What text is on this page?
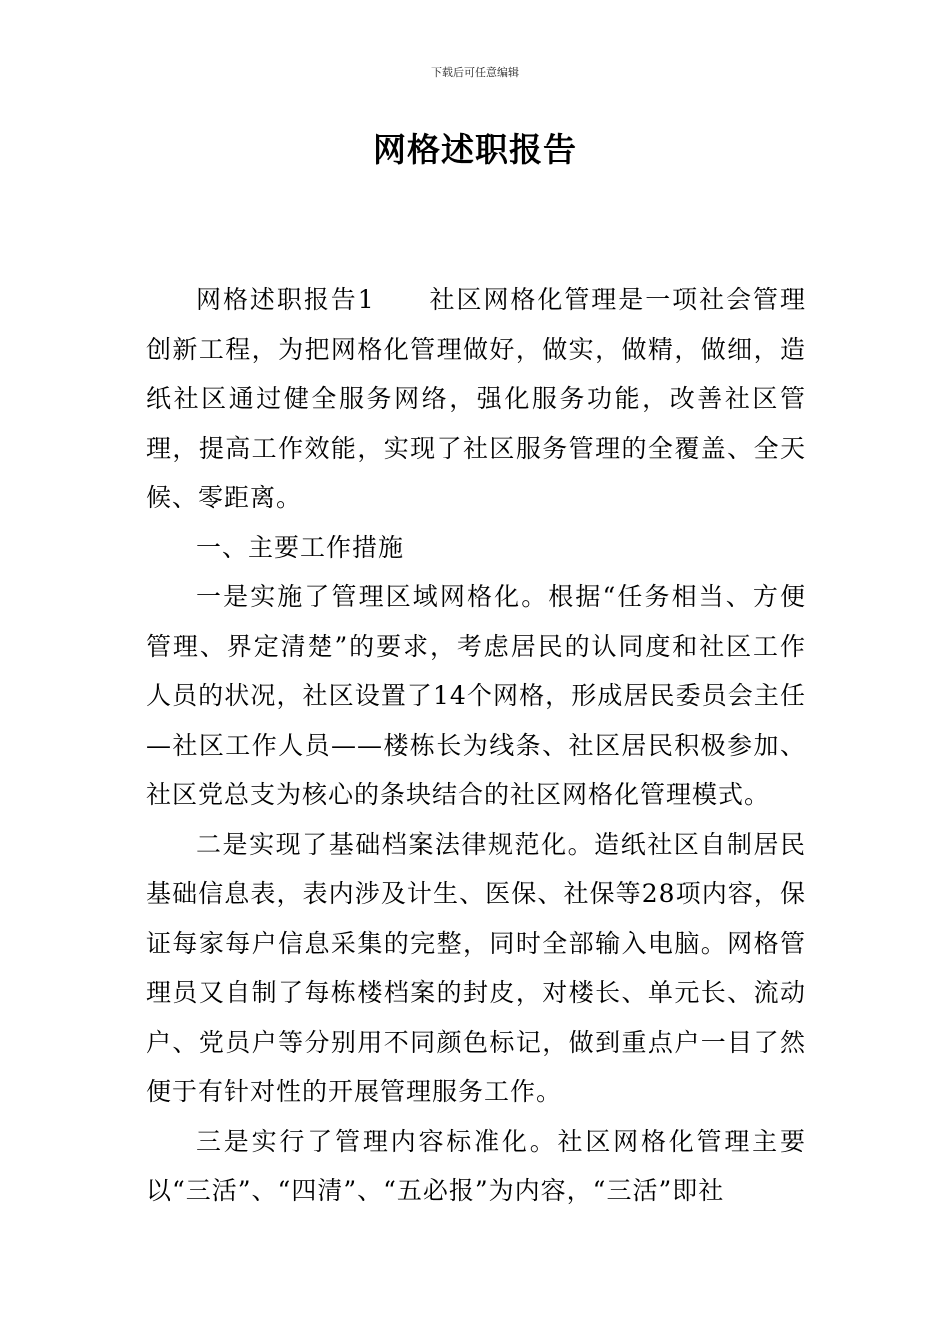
下载后可任意编辑
网格述职报告

网格述职报告1　　社区网格化管理是一项社会管理创新工程，为把网格化管理做好，做实，做精，做细，造纸社区通过健全服务网络，强化服务功能，改善社区管理，提高工作效能，实现了社区服务管理的全覆盖、全天候、零距离。

一、主要工作措施

一是实施了管理区域网格化。根据“任务相当、方便管理、界定清楚”的要求，考虑居民的认同度和社区工作人员的状况，社区设置了14个网格，形成居民委员会主任—社区工作人员——楼栋长为线条、社区居民积极参加、社区党总支为核心的条块结合的社区网格化管理模式。

二是实现了基础档案法律规范化。造纸社区自制居民基础信息表，表内涉及计生、医保、社保等28项内容，保证每家每户信息采集的完整，同时全部输入电脑。网格管理员又自制了每栋楼档案的封皮，对楼长、单元长、流动户、党员户等分别用不同颜色标记，做到重点户一目了然便于有针对性的开展管理服务工作。

三是实行了管理内容标准化。社区网格化管理主要以“三活”、“四清”、“五必报”为内容，“三活”即社
